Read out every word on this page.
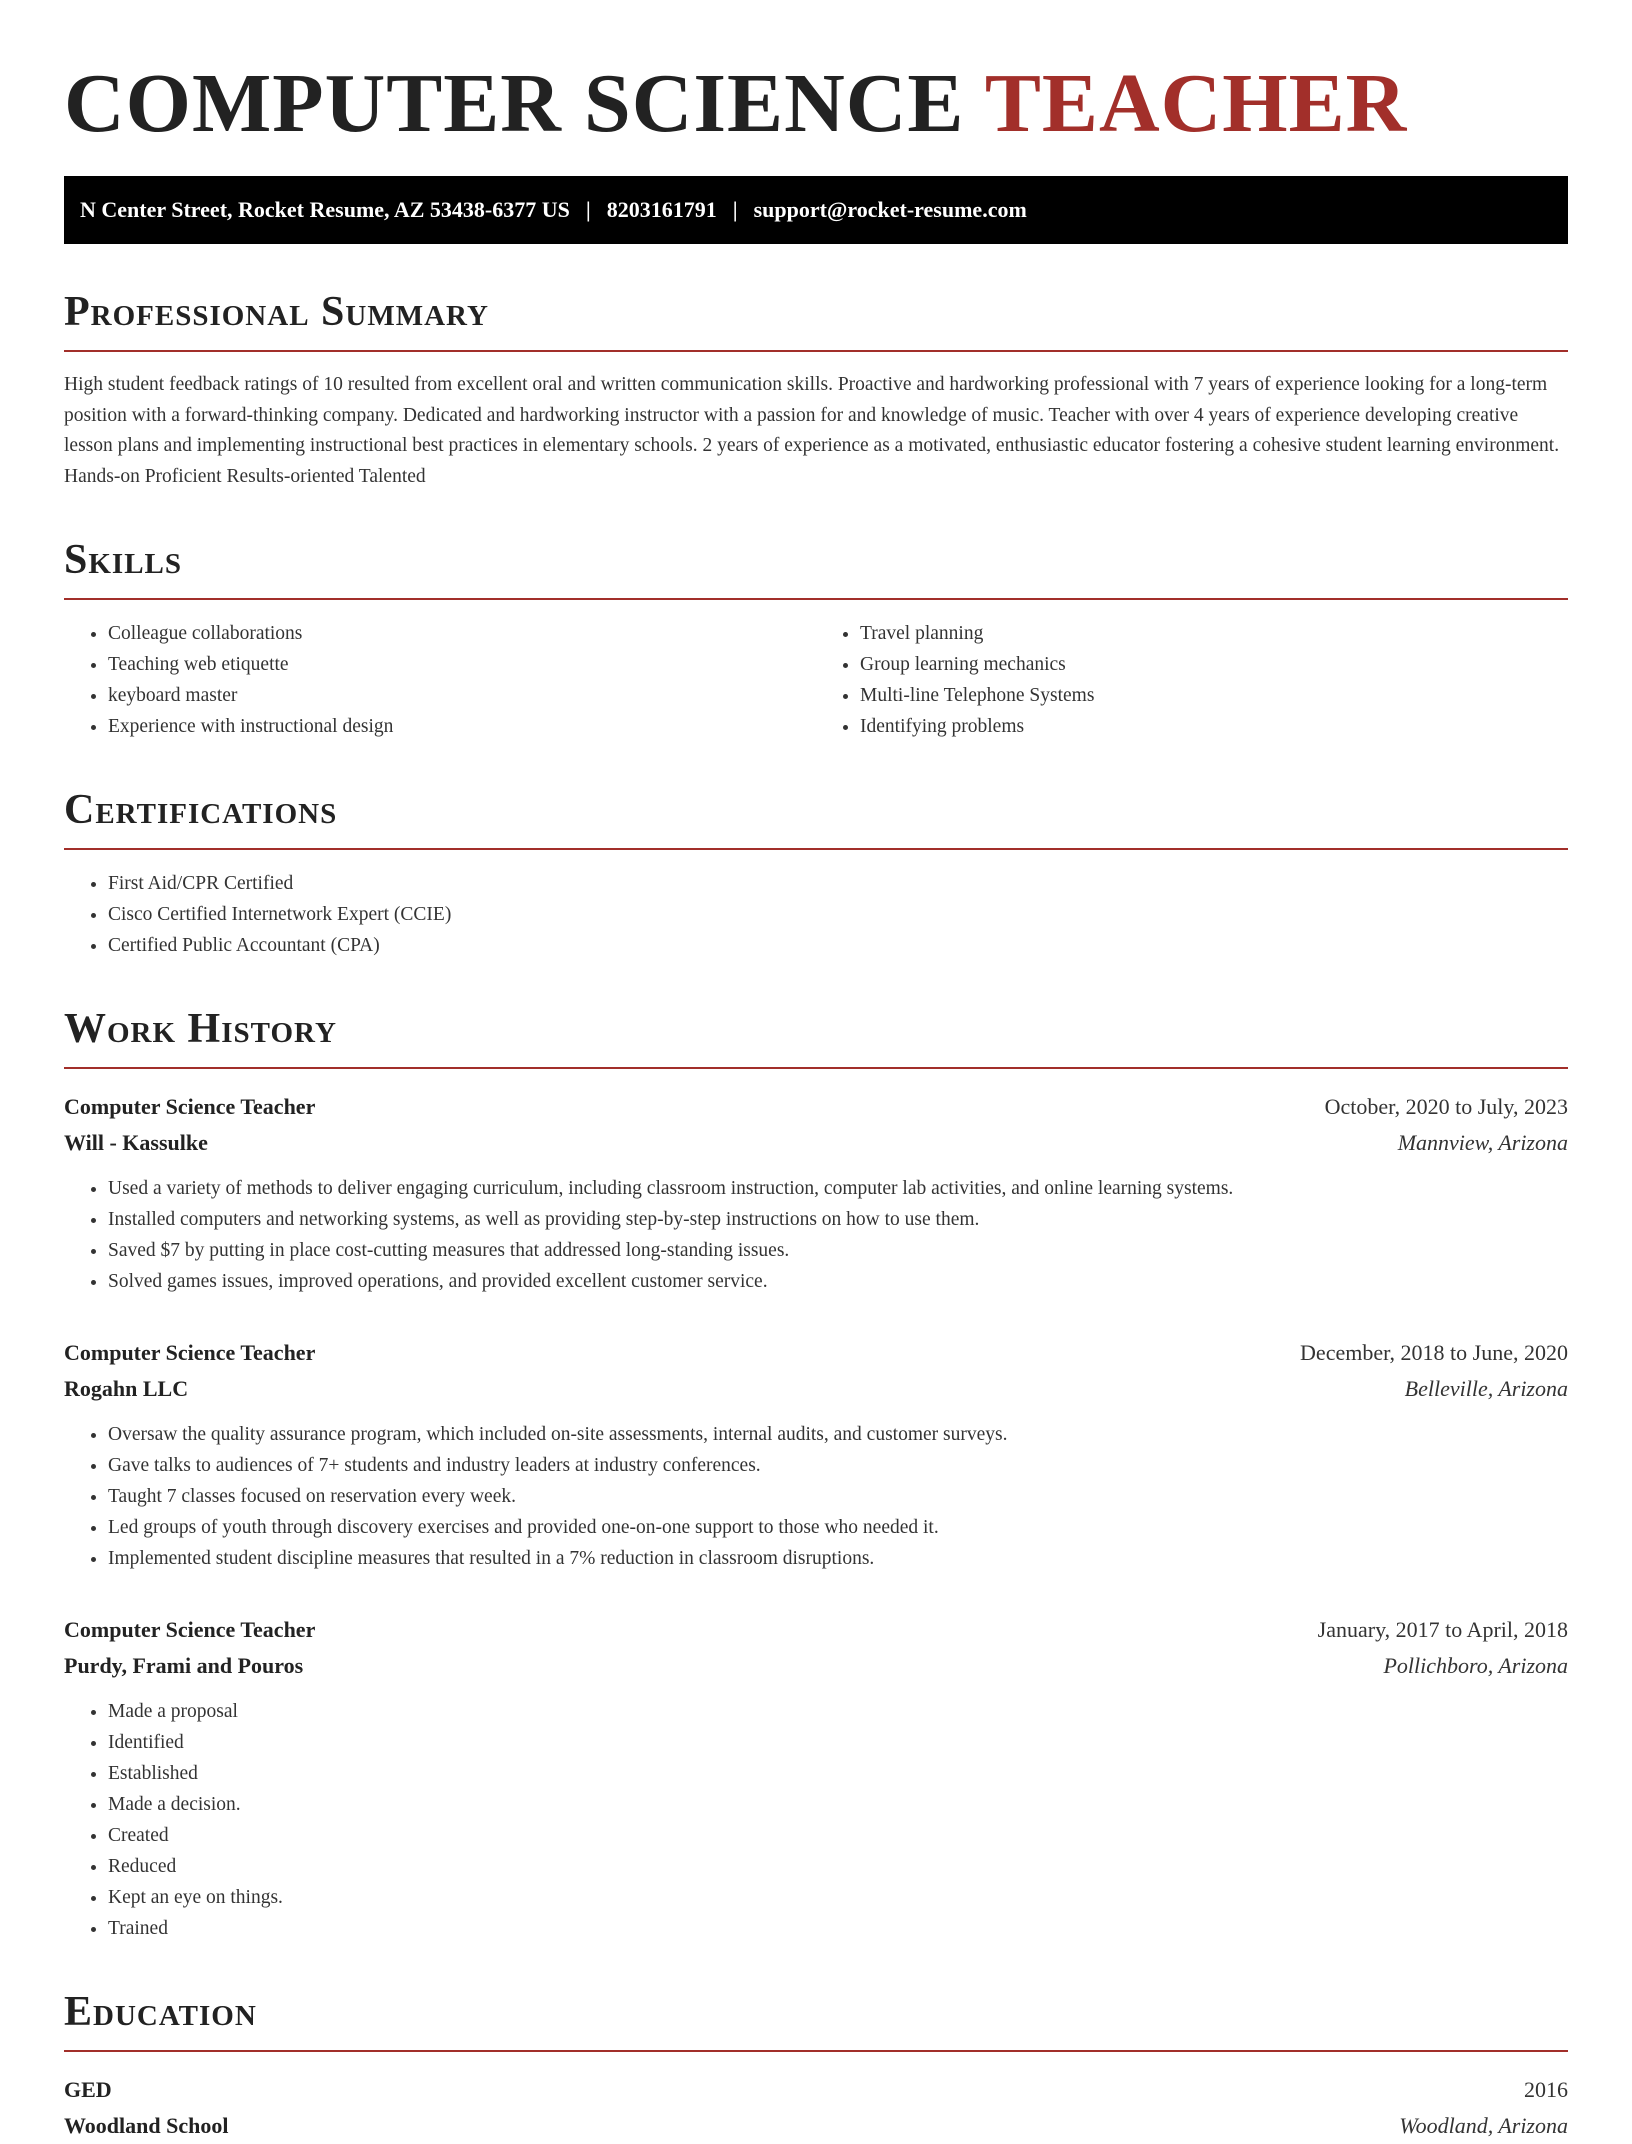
COMPUTER SCIENCE TEACHER
N Center Street, Rocket Resume, AZ 53438-6377 US | 8203161791 | support@rocket-resume.com
Professional Summary

High student feedback ratings of 10 resulted from excellent oral and written communication skills. Proactive and hardworking professional with 7 years of experience looking for a long-term position with a forward-thinking company. Dedicated and hardworking instructor with a passion for and knowledge of music. Teacher with over 4 years of experience developing creative lesson plans and implementing instructional best practices in elementary schools. 2 years of experience as a motivated, enthusiastic educator fostering a cohesive student learning environment. Hands-on Proficient Results-oriented Talented

Skills
• Colleague collaborations
• Teaching web etiquette
• keyboard master
• Experience with instructional design
• Travel planning
• Group learning mechanics
• Multi-line Telephone Systems
• Identifying problems
Certifications
• First Aid/CPR Certified
• Cisco Certified Internetwork Expert (CCIE)
• Certified Public Accountant (CPA)
Work History
Computer Science Teacher	October, 2020 to July, 2023
Will - Kassulke	Mannview, Arizona
• Used a variety of methods to deliver engaging curriculum, including classroom instruction, computer lab activities, and online learning systems.
• Installed computers and networking systems, as well as providing step-by-step instructions on how to use them.
• Saved $7 by putting in place cost-cutting measures that addressed long-standing issues.
• Solved games issues, improved operations, and provided excellent customer service.
Computer Science Teacher	December, 2018 to June, 2020
Rogahn LLC	Belleville, Arizona
• Oversaw the quality assurance program, which included on-site assessments, internal audits, and customer surveys.
• Gave talks to audiences of 7+ students and industry leaders at industry conferences.
• Taught 7 classes focused on reservation every week.
• Led groups of youth through discovery exercises and provided one-on-one support to those who needed it.
• Implemented student discipline measures that resulted in a 7% reduction in classroom disruptions.
Computer Science Teacher	January, 2017 to April, 2018
Purdy, Frami and Pouros	Pollichboro, Arizona
• Made a proposal
• Identified
• Established
• Made a decision.
• Created
• Reduced
• Kept an eye on things.
• Trained
Education
GED	2016
Woodland School	Woodland, Arizona
